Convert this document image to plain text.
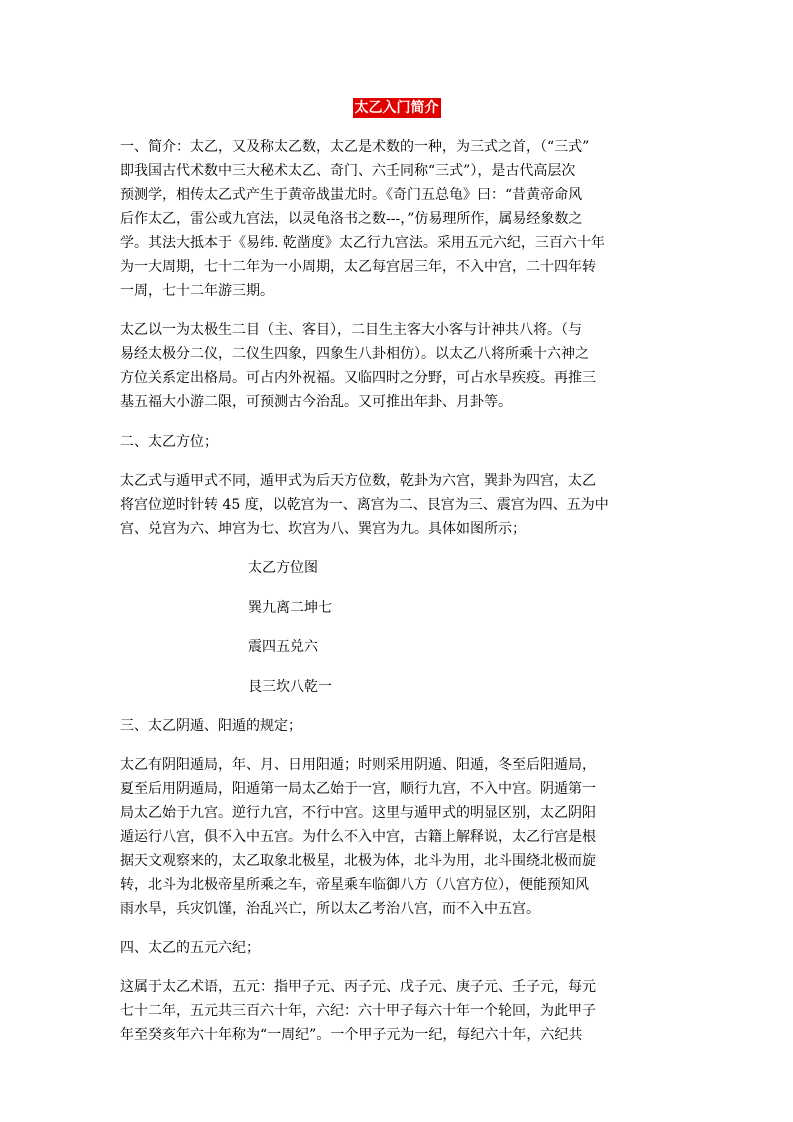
太乙入门简介
一、简介：太乙，又及称太乙数，太乙是术数的一种，为三式之首，（“三式”
即我国古代术数中三大秘术太乙、奇门、六壬同称“三式”），是古代高层次
预测学，相传太乙式产生于黄帝战蚩尤时。《奇门五总龟》曰：“昔黄帝命风
后作太乙，雷公或九宫法，以灵龟洛书之数---，”仿易理所作，属易经象数之
学。其法大抵本于《易纬. 乾凿度》太乙行九宫法。采用五元六纪，三百六十年
为一大周期，七十二年为一小周期，太乙每宫居三年，不入中宫，二十四年转
一周，七十二年游三期。
太乙以一为太极生二目（主、客目），二目生主客大小客与计神共八将。（与
易经太极分二仪，二仪生四象，四象生八卦相仿）。以太乙八将所乘十六神之
方位关系定出格局。可占内外祝福。又临四时之分野，可占水旱疾疫。再推三
基五福大小游二限，可预测古今治乱。又可推出年卦、月卦等。
二、太乙方位；
太乙式与遁甲式不同，遁甲式为后天方位数，乾卦为六宫，巽卦为四宫，太乙
将宫位逆时针转 45 度，以乾宫为一、离宫为二、艮宫为三、震宫为四、五为中
宫、兑宫为六、坤宫为七、坎宫为八、巽宫为九。具体如图所示；
太乙方位图
巽九离二坤七
震四五兑六
艮三坎八乾一
三、太乙阴遁、阳遁的规定；
太乙有阴阳遁局，年、月、日用阳遁；时则采用阴遁、阳遁，冬至后阳遁局，
夏至后用阴遁局，阳遁第一局太乙始于一宫，顺行九宫，不入中宫。阴遁第一
局太乙始于九宫。逆行九宫，不行中宫。这里与遁甲式的明显区别，太乙阴阳
遁运行八宫，俱不入中五宫。为什么不入中宫，古籍上解释说，太乙行宫是根
据天文观察来的，太乙取象北极星，北极为体，北斗为用，北斗围绕北极而旋
转，北斗为北极帝星所乘之车，帝星乘车临御八方（八宫方位），便能预知风
雨水旱，兵灾饥馑，治乱兴亡，所以太乙考治八宫，而不入中五宫。
四、太乙的五元六纪；
这属于太乙术语，五元：指甲子元、丙子元、戊子元、庚子元、壬子元，每元
七十二年，五元共三百六十年，六纪：六十甲子每六十年一个轮回，为此甲子
年至癸亥年六十年称为“一周纪”。一个甲子元为一纪，每纪六十年，六纪共
